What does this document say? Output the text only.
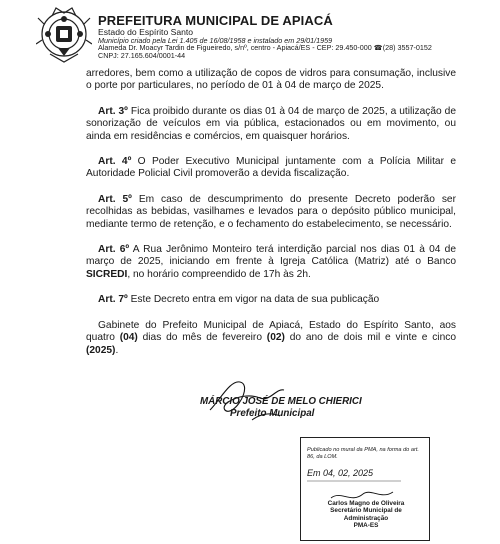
PREFEITURA MUNICIPAL DE APIACÁ
Estado do Espírito Santo
Município criado pela Lei 1.405 de 16/08/1958 e instalado em 29/01/1959
Alameda Dr. Moacyr Tardin de Figueiredo, s/nº, centro - Apiacá/ES - CEP: 29.450-000 ☎(28) 3557-0152
CNPJ: 27.165.604/0001-44

arredores, bem como a utilização de copos de vidros para consumação, inclusive o porte por particulares, no período de 01 à 04 de março de 2025.

Art. 3º Fica proibido durante os dias 01 à 04 de março de 2025, a utilização de sonorização de veículos em via pública, estacionados ou em movimento, ou ainda em residências e comércios, em quaisquer horários.

Art. 4º O Poder Executivo Municipal juntamente com a Polícia Militar e Autoridade Policial Civil promoverão a devida fiscalização.

Art. 5º Em caso de descumprimento do presente Decreto poderão ser recolhidas as bebidas, vasilhames e levados para o depósito público municipal, mediante termo de retenção, e o fechamento do estabelecimento, se necessário.

Art. 6º A Rua Jerônimo Monteiro terá interdição parcial nos dias 01 à 04 de março de 2025, iniciando em frente à Igreja Católica (Matriz) até o Banco SICREDI, no horário compreendido de 17h às 2h.

Art. 7º Este Decreto entra em vigor na data de sua publicação

Gabinete do Prefeito Municipal de Apiacá, Estado do Espírito Santo, aos quatro (04) dias do mês de fevereiro (02) do ano de dois mil e vinte e cinco (2025).

MÁRCIO JOSÉ DE MELO CHIERICI
Prefeito Municipal
Publicado no mural da PMA, na forma do art. 86, da LOM.
Em 04, 02, 2025
Carlos Magno de Oliveira
Secretário Municipal de
Administração
PMA-ES
